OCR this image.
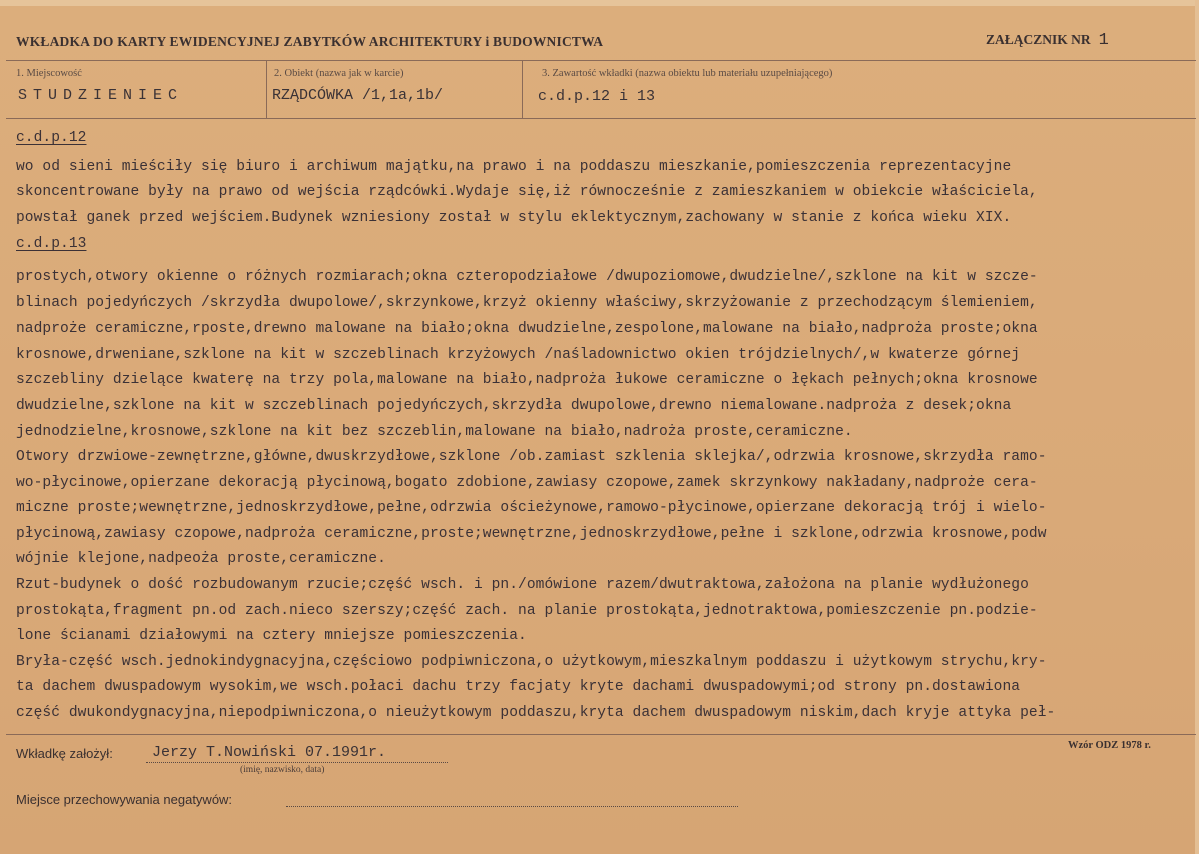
WKŁADKA DO KARTY EWIDENCYJNEJ ZABYTKÓW ARCHITEKTURY i BUDOWNICTWA	ZAŁĄCZNIK NR 1
1. Miejscowość
STUDZIENIEC
2. Obiekt (nazwa jak w karcie)
RZĄDCÓWKA /1,1a,1b/
3. Zawartość wkładki (nazwa obiektu lub materiału uzupełniającego)
c.d.p.12 i 13
c.d.p.12
wo od sieni mieściły się biuro i archiwum majątku,na prawo i na poddaszu mieszkanie,pomieszczenia reprezentacyjne
skoncentrowane były na prawo od wejścia rządcówki.Wydaje się,iż równocześnie z zamieszkaniem w obiekcie właściciela,
powstał ganek przed wejściem.Budynek wzniesiony został w stylu eklektycznym,zachowany w stanie z końca wieku XIX.
c.d.p.13
prostych,otwory okienne o różnych rozmiarach;okna czteropodziałowe /dwupoziomowe,dwudzielne/,szklone na kit w szcze-
blinach pojedyńczych /skrzydła dwupolowe/,skrzynkowe,krzyż okienny właściwy,skrzyżowanie z przechodzącym ślemieniem,
nadproże ceramiczne,rposte,drewno malowane na biało;okna dwudzielne,zespolone,malowane na biało,nadproża proste;okna
krosnowe,drweniane,szklone na kit w szczeblinach krzyżowych /naśladownictwo okien trójdzielnych/,w kwaterze górnej
szczebliny dzielące kwaterę na trzy pola,malowane na biało,nadproża łukowe ceramiczne o łękach pełnych;okna krosnowe
dwudzielne,szklone na kit w szczeblinach pojedyńczych,skrzydła dwupolowe,drewno niemalowane.nadproża z desek;okna
jednodzielne,krosnowe,szklone na kit bez szczeblin,malowane na biało,nadroża proste,ceramiczne.
Otwory drzwiowe-zewnętrzne,główne,dwuskrzydłowe,szklone /ob.zamiast szklenia sklejka/,odrzwia krosnowe,skrzydła ramo-
wo-płycinowe,opierzane dekoracją płycinową,bogato zdobione,zawiasy czopowe,zamek skrzynkowy nakładany,nadproże cera-
miczne proste;wewnętrzne,jednoskrzydłowe,pełne,odrzwia ościeżynowe,ramowo-płycinowe,opierzane dekoracją trój i wielo-
płycinową,zawiasy czopowe,nadproża ceramiczne,proste;wewnętrzne,jednoskrzydłowe,pełne i szklone,odrzwia krosnowe,podw
wójnie klejone,nadpeoża proste,ceramiczne.
Rzut-budynek o dość rozbudowanym rzucie;część wsch. i pn./omówione razem/dwutraktowa,założona na planie wydłużonego
prostokąta,fragment pn.od zach.nieco szerszy;część zach. na planie prostokąta,jednotraktowa,pomieszczenie pn.podzie-
lone ścianami działowymi na cztery mniejsze pomieszczenia.
Bryła-część wsch.jednokindygnacyjna,częściowo podpiwniczona,o użytkowym,mieszkalnym poddaszu i użytkowym strychu,kry-
ta dachem dwuspadowym wysokim,we wsch.połaci dachu trzy facjaty kryte dachami dwuspadowymi;od strony pn.dostawiona
część dwukondygnacyjna,niepodpiwniczona,o nieużytkowym poddaszu,kryta dachem dwuspadowym niskim,dach kryje attyka peł-
Wkładkę założył:	Jerzy T.Nowiński 07.1991r.
(imię, nazwisko, data)
Wzór ODZ 1978 r.
Miejsce przechowywania negatywów:
